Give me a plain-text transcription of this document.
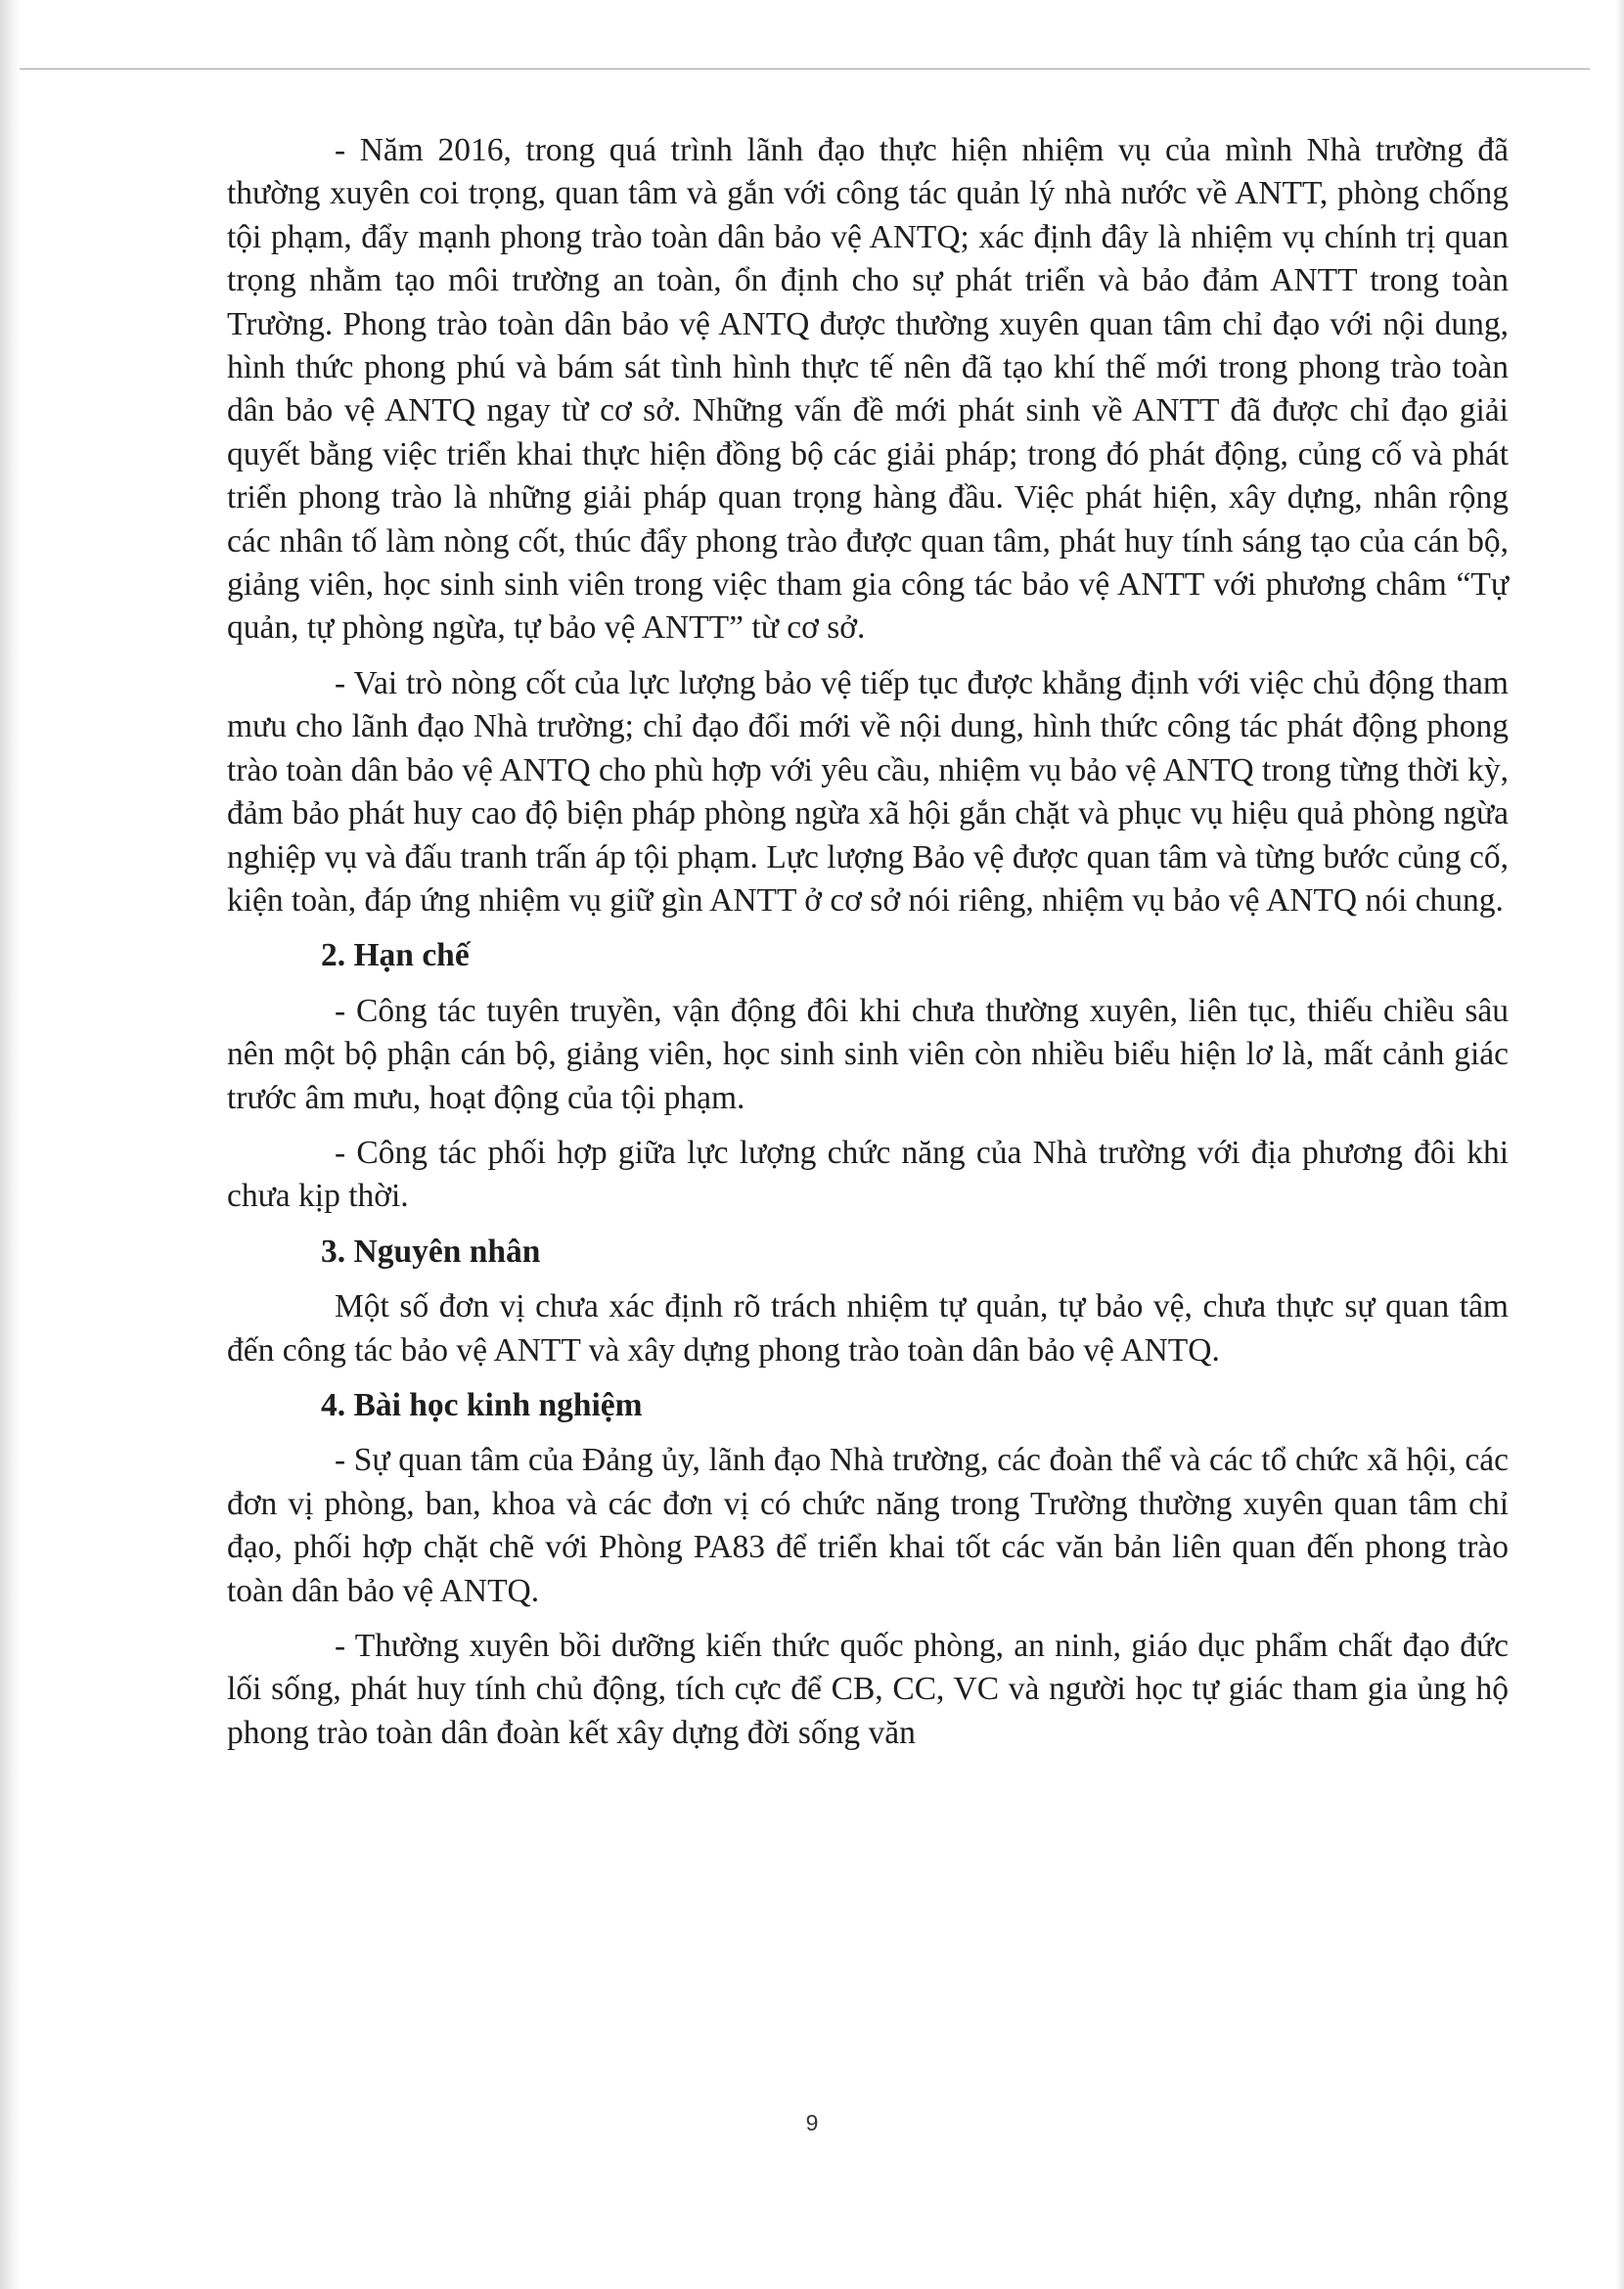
- Năm 2016, trong quá trình lãnh đạo thực hiện nhiệm vụ của mình Nhà trường đã thường xuyên coi trọng, quan tâm và gắn với công tác quản lý nhà nước về ANTT, phòng chống tội phạm, đẩy mạnh phong trào toàn dân bảo vệ ANTQ; xác định đây là nhiệm vụ chính trị quan trọng nhằm tạo môi trường an toàn, ổn định cho sự phát triển và bảo đảm ANTT trong toàn Trường. Phong trào toàn dân bảo vệ ANTQ được thường xuyên quan tâm chỉ đạo với nội dung, hình thức phong phú và bám sát tình hình thực tế nên đã tạo khí thế mới trong phong trào toàn dân bảo vệ ANTQ ngay từ cơ sở. Những vấn đề mới phát sinh về ANTT đã được chỉ đạo giải quyết bằng việc triển khai thực hiện đồng bộ các giải pháp; trong đó phát động, củng cố và phát triển phong trào là những giải pháp quan trọng hàng đầu. Việc phát hiện, xây dựng, nhân rộng các nhân tố làm nòng cốt, thúc đẩy phong trào được quan tâm, phát huy tính sáng tạo của cán bộ, giảng viên, học sinh sinh viên trong việc tham gia công tác bảo vệ ANTT với phương châm “Tự quản, tự phòng ngừa, tự bảo vệ ANTT” từ cơ sở.

- Vai trò nòng cốt của lực lượng bảo vệ tiếp tục được khẳng định với việc chủ động tham mưu cho lãnh đạo Nhà trường; chỉ đạo đổi mới về nội dung, hình thức công tác phát động phong trào toàn dân bảo vệ ANTQ cho phù hợp với yêu cầu, nhiệm vụ bảo vệ ANTQ trong từng thời kỳ, đảm bảo phát huy cao độ biện pháp phòng ngừa xã hội gắn chặt và phục vụ hiệu quả phòng ngừa nghiệp vụ và đấu tranh trấn áp tội phạm. Lực lượng Bảo vệ được quan tâm và từng bước củng cố, kiện toàn, đáp ứng nhiệm vụ giữ gìn ANTT ở cơ sở nói riêng, nhiệm vụ bảo vệ ANTQ nói chung.

2. Hạn chế

- Công tác tuyên truyền, vận động đôi khi chưa thường xuyên, liên tục, thiếu chiều sâu nên một bộ phận cán bộ, giảng viên, học sinh sinh viên còn nhiều biểu hiện lơ là, mất cảnh giác trước âm mưu, hoạt động của tội phạm.

- Công tác phối hợp giữa lực lượng chức năng của Nhà trường với địa phương đôi khi chưa kịp thời.

3. Nguyên nhân

Một số đơn vị chưa xác định rõ trách nhiệm tự quản, tự bảo vệ, chưa thực sự quan tâm đến công tác bảo vệ ANTT và xây dựng phong trào toàn dân bảo vệ ANTQ.

4. Bài học kinh nghiệm

- Sự quan tâm của Đảng ủy, lãnh đạo Nhà trường, các đoàn thể và các tổ chức xã hội, các đơn vị phòng, ban, khoa và các đơn vị có chức năng trong Trường thường xuyên quan tâm chỉ đạo, phối hợp chặt chẽ với Phòng PA83 để triển khai tốt các văn bản liên quan đến phong trào toàn dân bảo vệ ANTQ.

- Thường xuyên bồi dưỡng kiến thức quốc phòng, an ninh, giáo dục phẩm chất đạo đức lối sống, phát huy tính chủ động, tích cực để CB, CC, VC và người học tự giác tham gia ủng hộ phong trào toàn dân đoàn kết xây dựng đời sống văn

9
